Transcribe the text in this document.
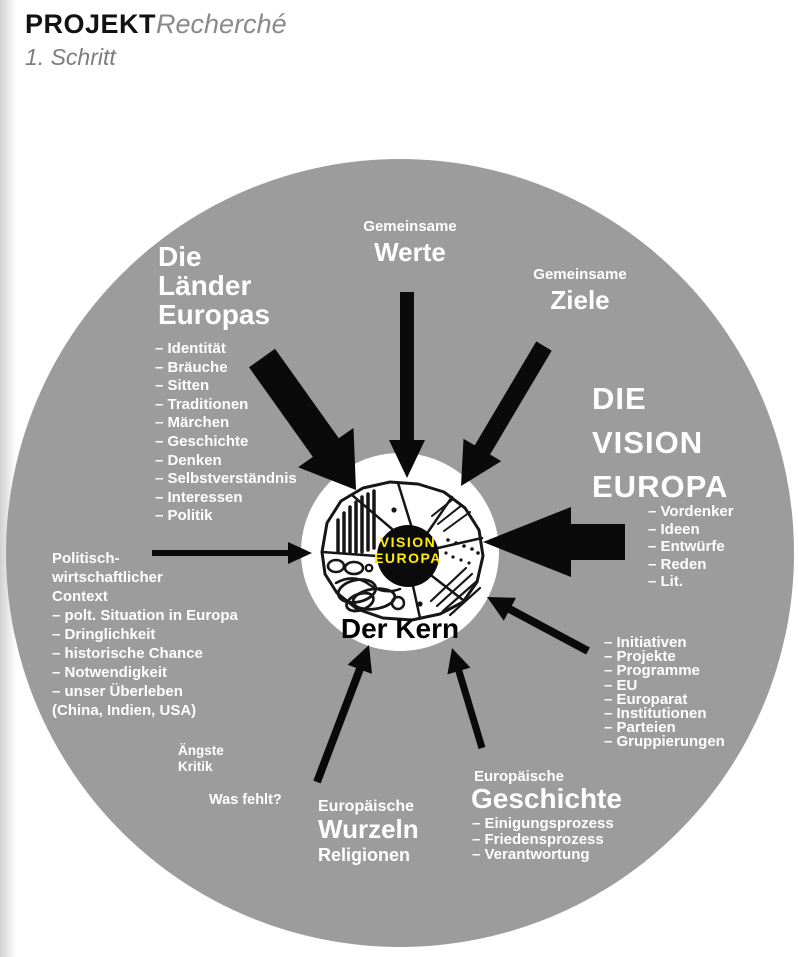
PROJEKTRecherché
1. Schritt
Die
Länder
Europas
– Identität
– Bräuche
– Sitten
– Traditionen
– Märchen
– Geschichte
– Denken
– Selbstverständnis
– Interessen
– Politik
Gemeinsame
Werte
Gemeinsame
Ziele
DIE
VISION
EUROPA
– Vordenker
– Ideen
– Entwürfe
– Reden
– Lit.
Politisch-
wirtschaftlicher
Context
– polt. Situation in Europa
– Dringlichkeit
– historische Chance
– Notwendigkeit
– unser Überleben
(China, Indien, USA)
Ängste
Kritik
Was fehlt? Europäische
Wurzeln
Religionen
Europäische
Geschichte
– Einigungsprozess
– Friedensprozess
– Verantwortung
– Initiativen
– Projekte
– Programme
– EU
– Europarat
– Institutionen
– Parteien
– Gruppierungen
Der Kern
VISION
EUROPA
